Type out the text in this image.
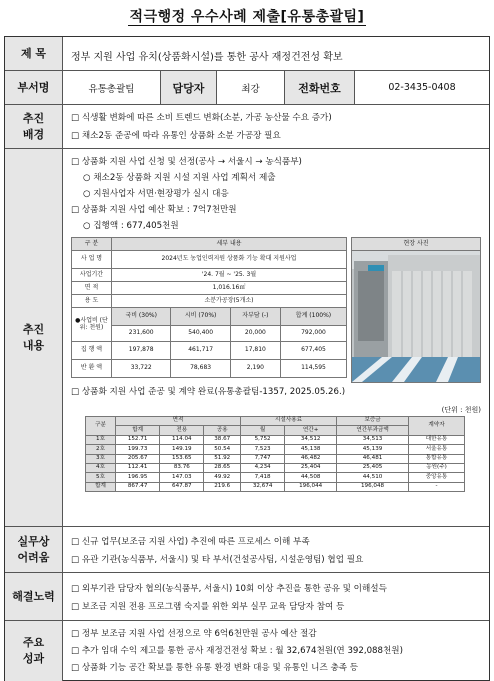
적극행정 우수사례 제출[유통총괄팀]
제 목	정부 지원 사업 유치(상품화시설)를 통한 공사 재정건전성 확보
부서명	유통총괄팀	담당자	최강	전화번호	02-3435-0408
추진 배경
□ 식생활 변화에 따른 소비 트렌드 변화(소분, 가공 농산물 수요 증가)
□ 채소2동 준공에 따라 유통인 상품화 소분 가공장 필요
추진 내용
□ 상품화 지원 사업 신청 및 선정(공사 → 서울시 → 농식품부)
○ 채소2동 상품화 지원 시설 지원 사업 계획서 제출
○ 지원사업자 서면·현장평가 실시 대응
□ 상품화 지원 사업 예산 확보 : 7억7천만원
○ 집행액 : 677,405천원
구 분	세부 내용			
사 업 명	2024년도 농업인력지원 상품화 기능 확대 지원사업			
사업기간	'24. 7월 ~ '25. 3월			
면 적	1,016.16㎡			
용 도	소분가공장(5개소)			
●사업비 (단위: 천원)	국비 (30%)	시비 (70%)	자부담 (-)	합계 (100%)
	231,600	540,400	20,000	792,000
집 행 액	197,878	461,717	17,810	677,405
반 환 액	33,722	78,683	2,190	114,595
현장 사진
□ 상품화 지원 사업 준공 및 계약 완료(유통총괄팀-1357, 2025.05.26.)
(단위 : 천원)
구분	면적			시설사용료		보증금	계약자
	합계	전용	공용	월	연간+	연간부과금액	
1호	152.71	114.04	38.67	5,752	34,512	34,513	대한유통
2호	199.73	149.19	50.54	7,523	45,138	45,139	서울유통
3호	205.67	153.65	51.92	7,747	46,482	46,481	통합유통
4호	112.41	83.76	28.65	4,234	25,404	25,405	농원(주)
5호	196.95	147.03	49.92	7,418	44,508	44,510	중앙유통
합계	867.47	647.87	219.6	32,674	196,044	196,048	-
실무상 어려움
□ 신규 업무(보조금 지원 사업) 추진에 따른 프로세스 이해 부족
□ 유관 기관(농식품부, 서울시) 및 타 부서(건설공사팀, 시설운영팀) 협업 필요
해결노력
□ 외부기관 담당자 협의(농식품부, 서울시) 10회 이상 추진을 통한 공유 및 이해설득
□ 보조금 지원 전용 프로그램 숙지를 위한 외부 실무 교육 담당자 참여 등
주요 성과
□ 정부 보조금 지원 사업 선정으로 약 6억6천만원 공사 예산 절감
□ 추가 임대 수익 제고를 통한 공사 재정건전성 확보 : 월 32,674천원(연 392,088천원)
□ 상품화 기능 공간 확보를 통한 유통 환경 변화 대응 및 유통인 니즈 충족 등
